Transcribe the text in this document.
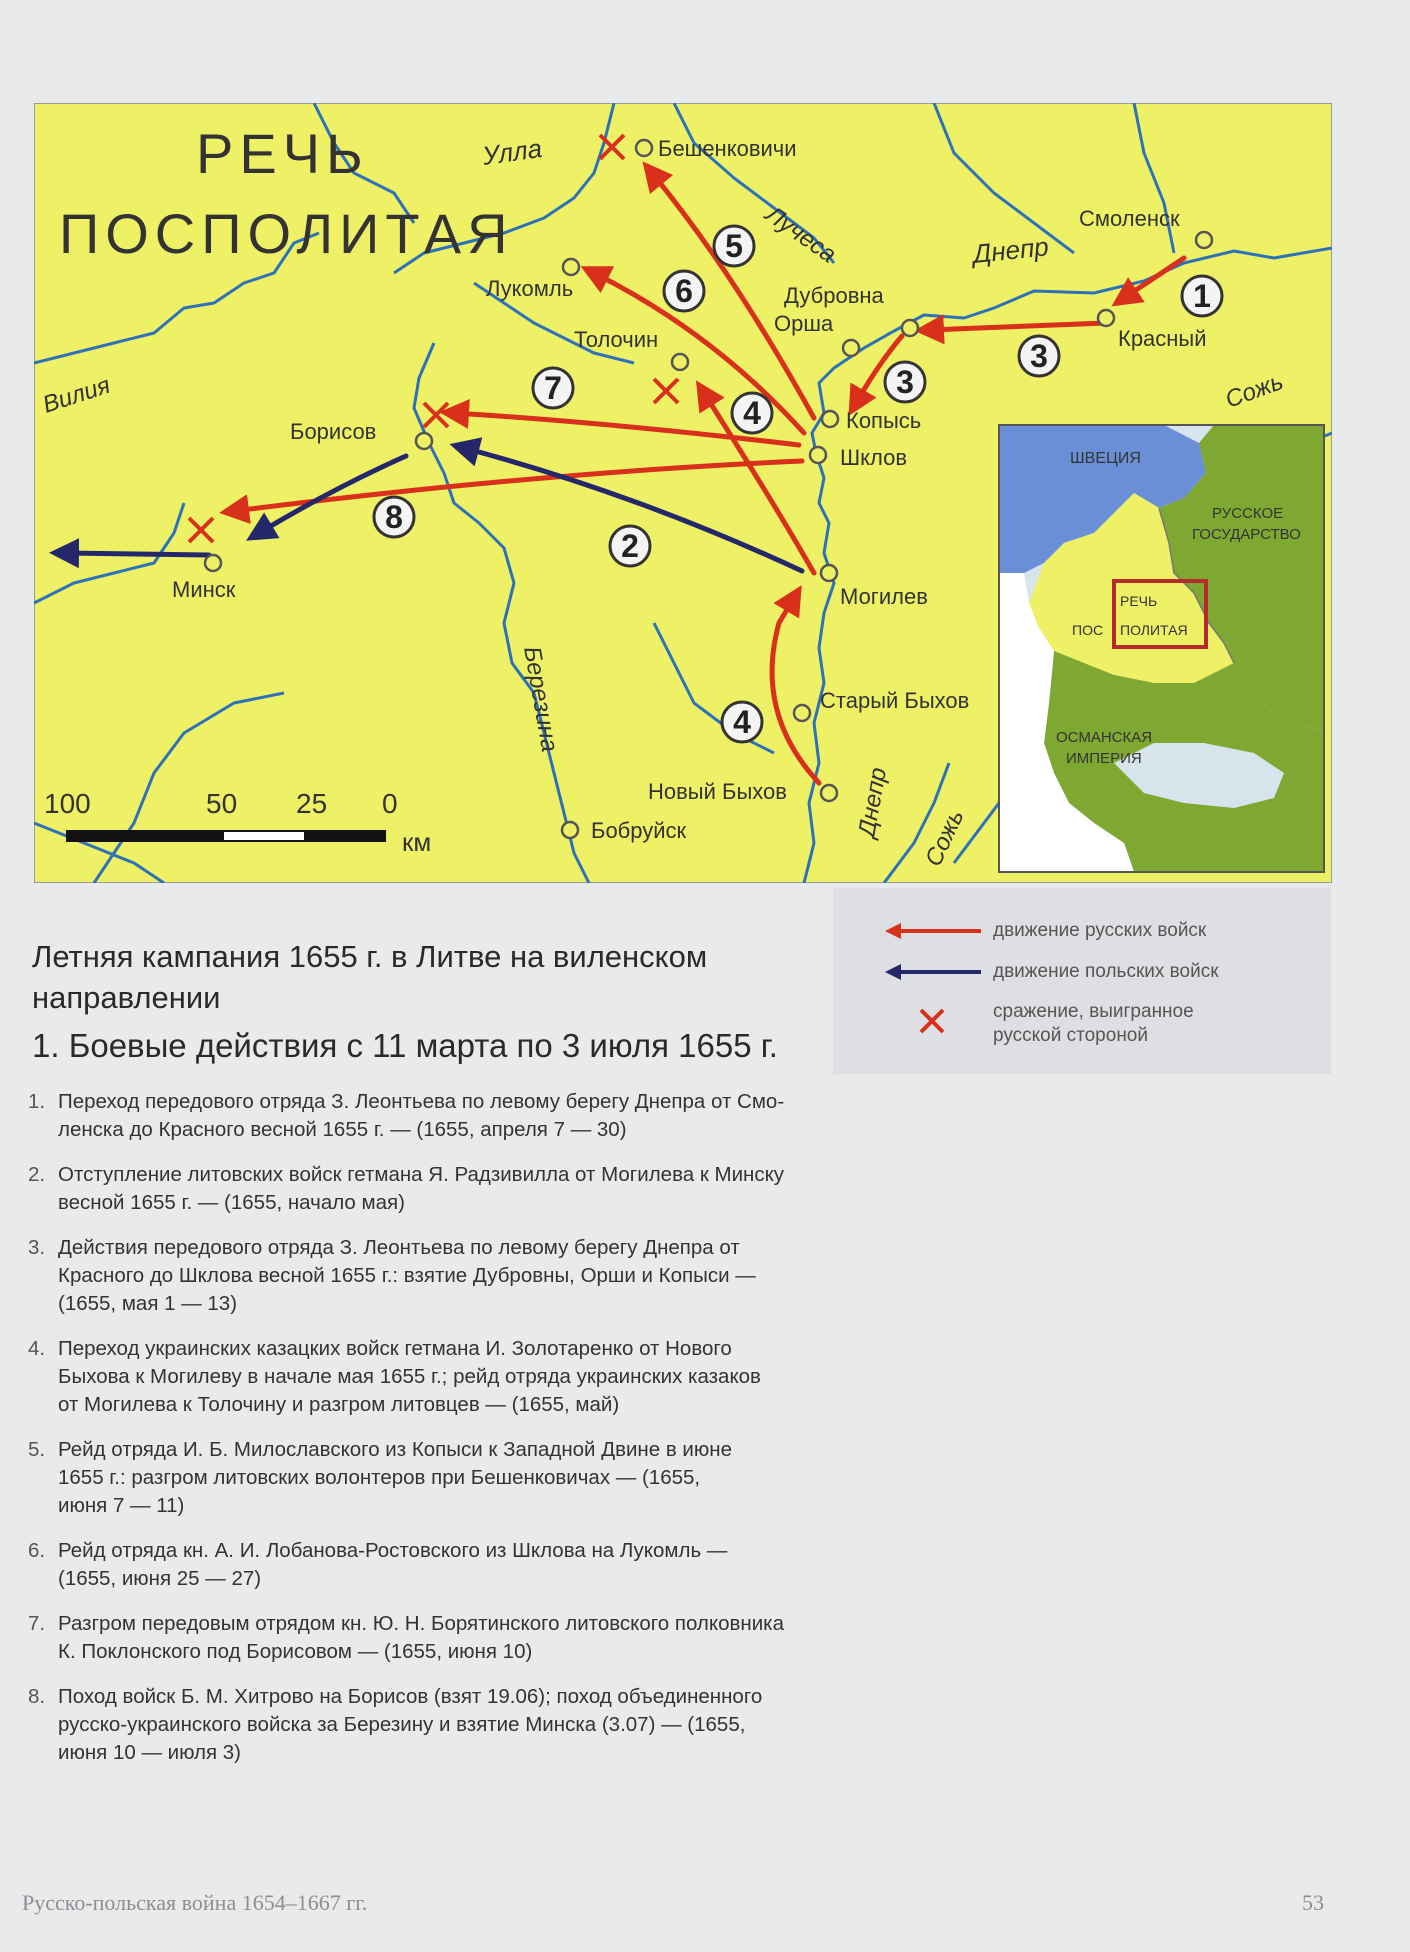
РЕЧЬ
ПОСПОЛИТАЯ
Улла
Лучеса	Днепр
Вилия	Сожь
Березина
Днепр Сожь
Бешенковичи
Смоленск
Лукомль	Дубровна
Орша
Красный
Толочин
Копысь
Борисов
Шклов
Минск	Могилев
Старый Быхов
Новый Быхов
Бобруйск
1
2
3
3
4
4
5
6
7
8
100	50 25 0
км
ШВЕЦИЯ
РУССКОЕ
ГОСУДАРСТВО
РЕЧЬ
ПОС ПОЛИТАЯ
ОСМАНСКАЯ
ИМПЕРИЯ
движение русских войск
движение польских войск
сражение, выигранное
русской стороной
Летняя кампания 1655 г. в Литве на виленском
направлении
1. Боевые действия с 11 марта по 3 июля 1655 г.
1. Переход передового отряда З. Леонтьева по левому берегу Днепра от Смо-
ленска до Красного весной 1655 г. — (1655, апреля 7 — 30)
2. Отступление литовских войск гетмана Я. Радзивилла от Могилева к Минску
весной 1655 г. — (1655, начало мая)
3. Действия передового отряда З. Леонтьева по левому берегу Днепра от
Красного до Шклова весной 1655 г.: взятие Дубровны, Орши и Копыси —
(1655, мая 1 — 13)
4. Переход украинских казацких войск гетмана И. Золотаренко от Нового
Быхова к Могилеву в начале мая 1655 г.; рейд отряда украинских казаков
от Могилева к Толочину и разгром литовцев — (1655, май)
5. Рейд отряда И. Б. Милославского из Копыси к Западной Двине в июне
1655 г.: разгром литовских волонтеров при Бешенковичах — (1655,
июня 7 — 11)
6. Рейд отряда кн. А. И. Лобанова-Ростовского из Шклова на Лукомль —
(1655, июня 25 — 27)
7. Разгром передовым отрядом кн. Ю. Н. Борятинского литовского полковника
К. Поклонского под Борисовом — (1655, июня 10)
8. Поход войск Б. М. Хитрово на Борисов (взят 19.06); поход объединенного
русско-украинского войска за Березину и взятие Минска (3.07) — (1655,
июня 10 — июля 3)
Русско-польская война 1654–1667 гг.	53
